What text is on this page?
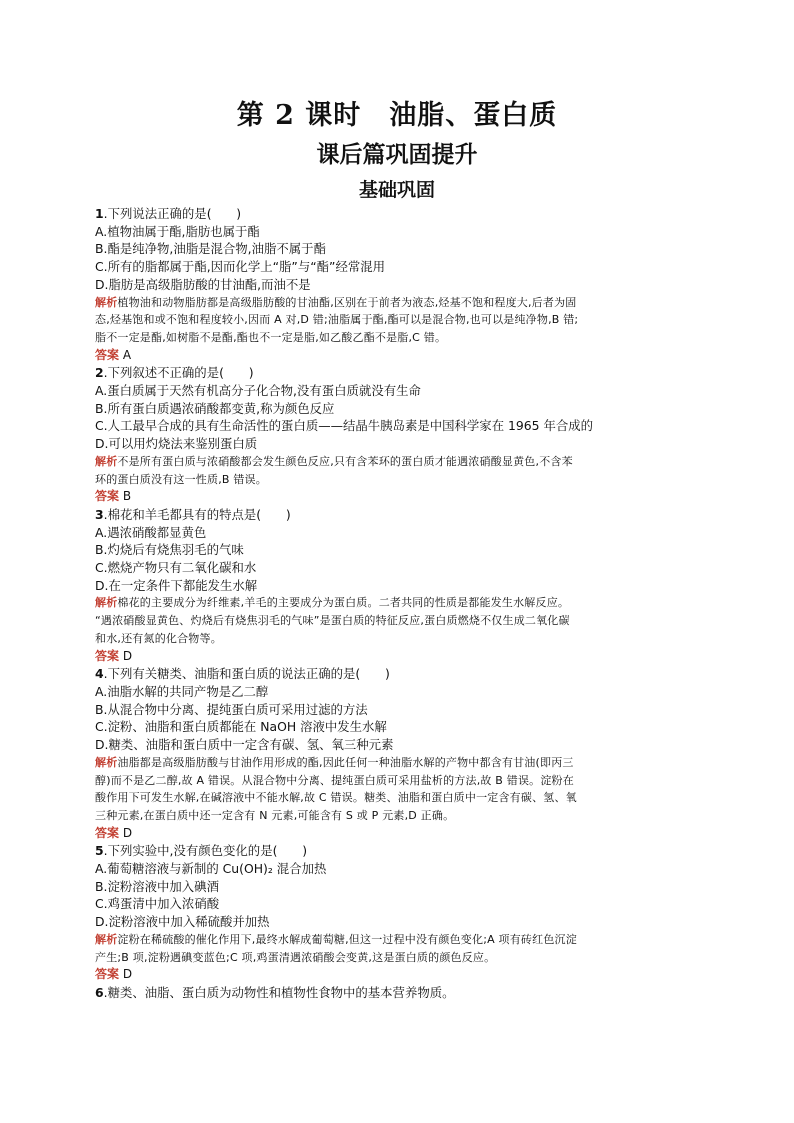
第 2 课时　油脂、蛋白质
课后篇巩固提升
基础巩固
1.下列说法正确的是(　　)
A.植物油属于酯,脂肪也属于酯
B.酯是纯净物,油脂是混合物,油脂不属于酯
C.所有的脂都属于酯,因而化学上“脂”与“酯”经常混用
D.脂肪是高级脂肪酸的甘油酯,而油不是
解析植物油和动物脂肪都是高级脂肪酸的甘油酯,区别在于前者为液态,烃基不饱和程度大,后者为固
态,烃基饱和或不饱和程度较小,因而 A 对,D 错;油脂属于酯,酯可以是混合物,也可以是纯净物,B 错;
脂不一定是酯,如树脂不是酯,酯也不一定是脂,如乙酸乙酯不是脂,C 错。
答案 A
2.下列叙述不正确的是(　　)
A.蛋白质属于天然有机高分子化合物,没有蛋白质就没有生命
B.所有蛋白质遇浓硝酸都变黄,称为颜色反应
C.人工最早合成的具有生命活性的蛋白质——结晶牛胰岛素是中国科学家在 1965 年合成的
D.可以用灼烧法来鉴别蛋白质
解析不是所有蛋白质与浓硝酸都会发生颜色反应,只有含苯环的蛋白质才能遇浓硝酸显黄色,不含苯
环的蛋白质没有这一性质,B 错误。
答案 B
3.棉花和羊毛都具有的特点是(　　)
A.遇浓硝酸都显黄色
B.灼烧后有烧焦羽毛的气味
C.燃烧产物只有二氧化碳和水
D.在一定条件下都能发生水解
解析棉花的主要成分为纤维素,羊毛的主要成分为蛋白质。二者共同的性质是都能发生水解反应。
“遇浓硝酸显黄色、灼烧后有烧焦羽毛的气味”是蛋白质的特征反应,蛋白质燃烧不仅生成二氧化碳
和水,还有氮的化合物等。
答案 D
4.下列有关糖类、油脂和蛋白质的说法正确的是(　　)
A.油脂水解的共同产物是乙二醇
B.从混合物中分离、提纯蛋白质可采用过滤的方法
C.淀粉、油脂和蛋白质都能在 NaOH 溶液中发生水解
D.糖类、油脂和蛋白质中一定含有碳、氢、氧三种元素
解析油脂都是高级脂肪酸与甘油作用形成的酯,因此任何一种油脂水解的产物中都含有甘油(即丙三
醇)而不是乙二醇,故 A 错误。从混合物中分离、提纯蛋白质可采用盐析的方法,故 B 错误。淀粉在
酸作用下可发生水解,在碱溶液中不能水解,故 C 错误。糖类、油脂和蛋白质中一定含有碳、氢、氧
三种元素,在蛋白质中还一定含有 N 元素,可能含有 S 或 P 元素,D 正确。
答案 D
5.下列实验中,没有颜色变化的是(　　)
A.葡萄糖溶液与新制的 Cu(OH)₂ 混合加热
B.淀粉溶液中加入碘酒
C.鸡蛋清中加入浓硝酸
D.淀粉溶液中加入稀硫酸并加热
解析淀粉在稀硫酸的催化作用下,最终水解成葡萄糖,但这一过程中没有颜色变化;A 项有砖红色沉淀
产生;B 项,淀粉遇碘变蓝色;C 项,鸡蛋清遇浓硝酸会变黄,这是蛋白质的颜色反应。
答案 D
6.糖类、油脂、蛋白质为动物性和植物性食物中的基本营养物质。
